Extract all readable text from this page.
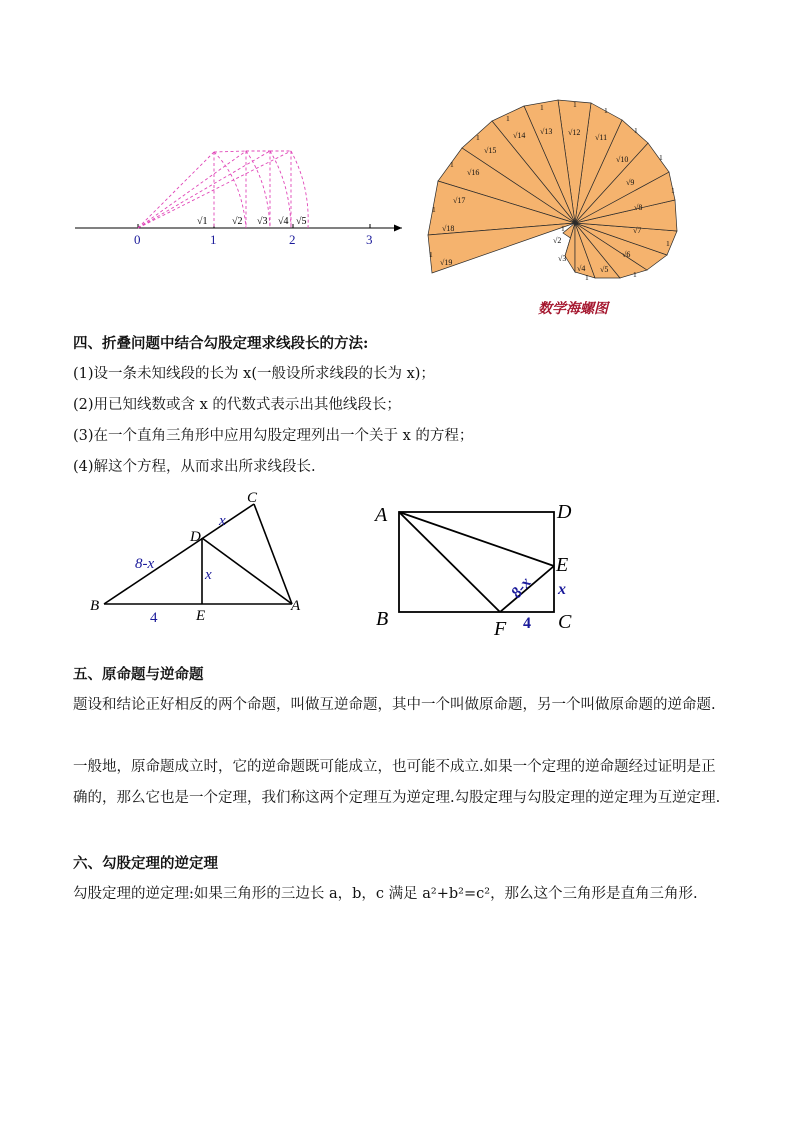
0	1	2	3
√1 √2 √3 √4 √5
√2
√3
√4 √5
√6
√7
√8
√9
√10
√11
√12
√13
√14
√15
√16
√17
√18
√19
1
1	1
1
1
1
1
1
1
1
1
1
1
1
1
数学海螺图
四、折叠问题中结合勾股定理求线段长的方法:
(1)设一条未知线段的长为 x(一般设所求线段的长为 x)；
(2)用已知线数或含 x 的代数式表示出其他线段长；
(3)在一个直角三角形中应用勾股定理列出一个关于 x 的方程；
(4)解这个方程，从而求出所求线段长.
C
D
B
E
A
8-x
x
x
4
A	D
E
B	F	C
8-x x
4
五、原命题与逆命题
题设和结论正好相反的两个命题，叫做互逆命题，其中一个叫做原命题，另一个叫做原命题的逆命题.
一般地，原命题成立时，它的逆命题既可能成立，也可能不成立.如果一个定理的逆命题经过证明是正确的，那么它也是一个定理，我们称这两个定理互为逆定理.勾股定理与勾股定理的逆定理为互逆定理.
六、勾股定理的逆定理
勾股定理的逆定理:如果三角形的三边长 a，b，c 满足 a²+b²=c²，那么这个三角形是直角三角形.
